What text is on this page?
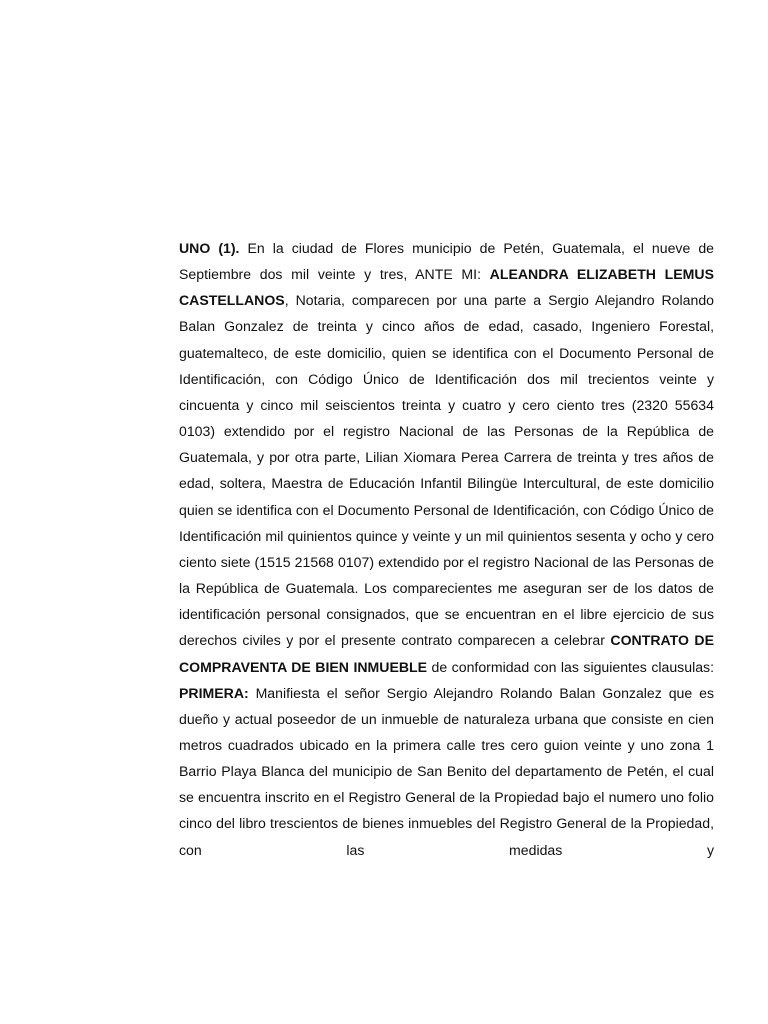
UNO (1). En la ciudad de Flores municipio de Petén, Guatemala, el nueve de Septiembre dos mil veinte y tres, ANTE MI: ALEANDRA ELIZABETH LEMUS CASTELLANOS, Notaria, comparecen por una parte a Sergio Alejandro Rolando Balan Gonzalez de treinta y cinco años de edad, casado, Ingeniero Forestal, guatemalteco, de este domicilio, quien se identifica con el Documento Personal de Identificación, con Código Único de Identificación dos mil trecientos veinte y cincuenta y cinco mil seiscientos treinta y cuatro y cero ciento tres (2320 55634 0103) extendido por el registro Nacional de las Personas de la República de Guatemala, y por otra parte, Lilian Xiomara Perea Carrera de treinta y tres años de edad, soltera, Maestra de Educación Infantil Bilingüe Intercultural, de este domicilio quien se identifica con el Documento Personal de Identificación, con Código Único de Identificación mil quinientos quince y veinte y un mil quinientos sesenta y ocho y cero ciento siete (1515 21568 0107) extendido por el registro Nacional de las Personas de la República de Guatemala. Los comparecientes me aseguran ser de los datos de identificación personal consignados, que se encuentran en el libre ejercicio de sus derechos civiles y por el presente contrato comparecen a celebrar CONTRATO DE COMPRAVENTA DE BIEN INMUEBLE de conformidad con las siguientes clausulas: PRIMERA: Manifiesta el señor Sergio Alejandro Rolando Balan Gonzalez que es dueño y actual poseedor de un inmueble de naturaleza urbana que consiste en cien metros cuadrados ubicado en la primera calle tres cero guion veinte y uno zona 1 Barrio Playa Blanca del municipio de San Benito del departamento de Petén, el cual se encuentra inscrito en el Registro General de la Propiedad bajo el numero uno folio cinco del libro trescientos de bienes inmuebles del Registro General de la Propiedad, con las medidas y
